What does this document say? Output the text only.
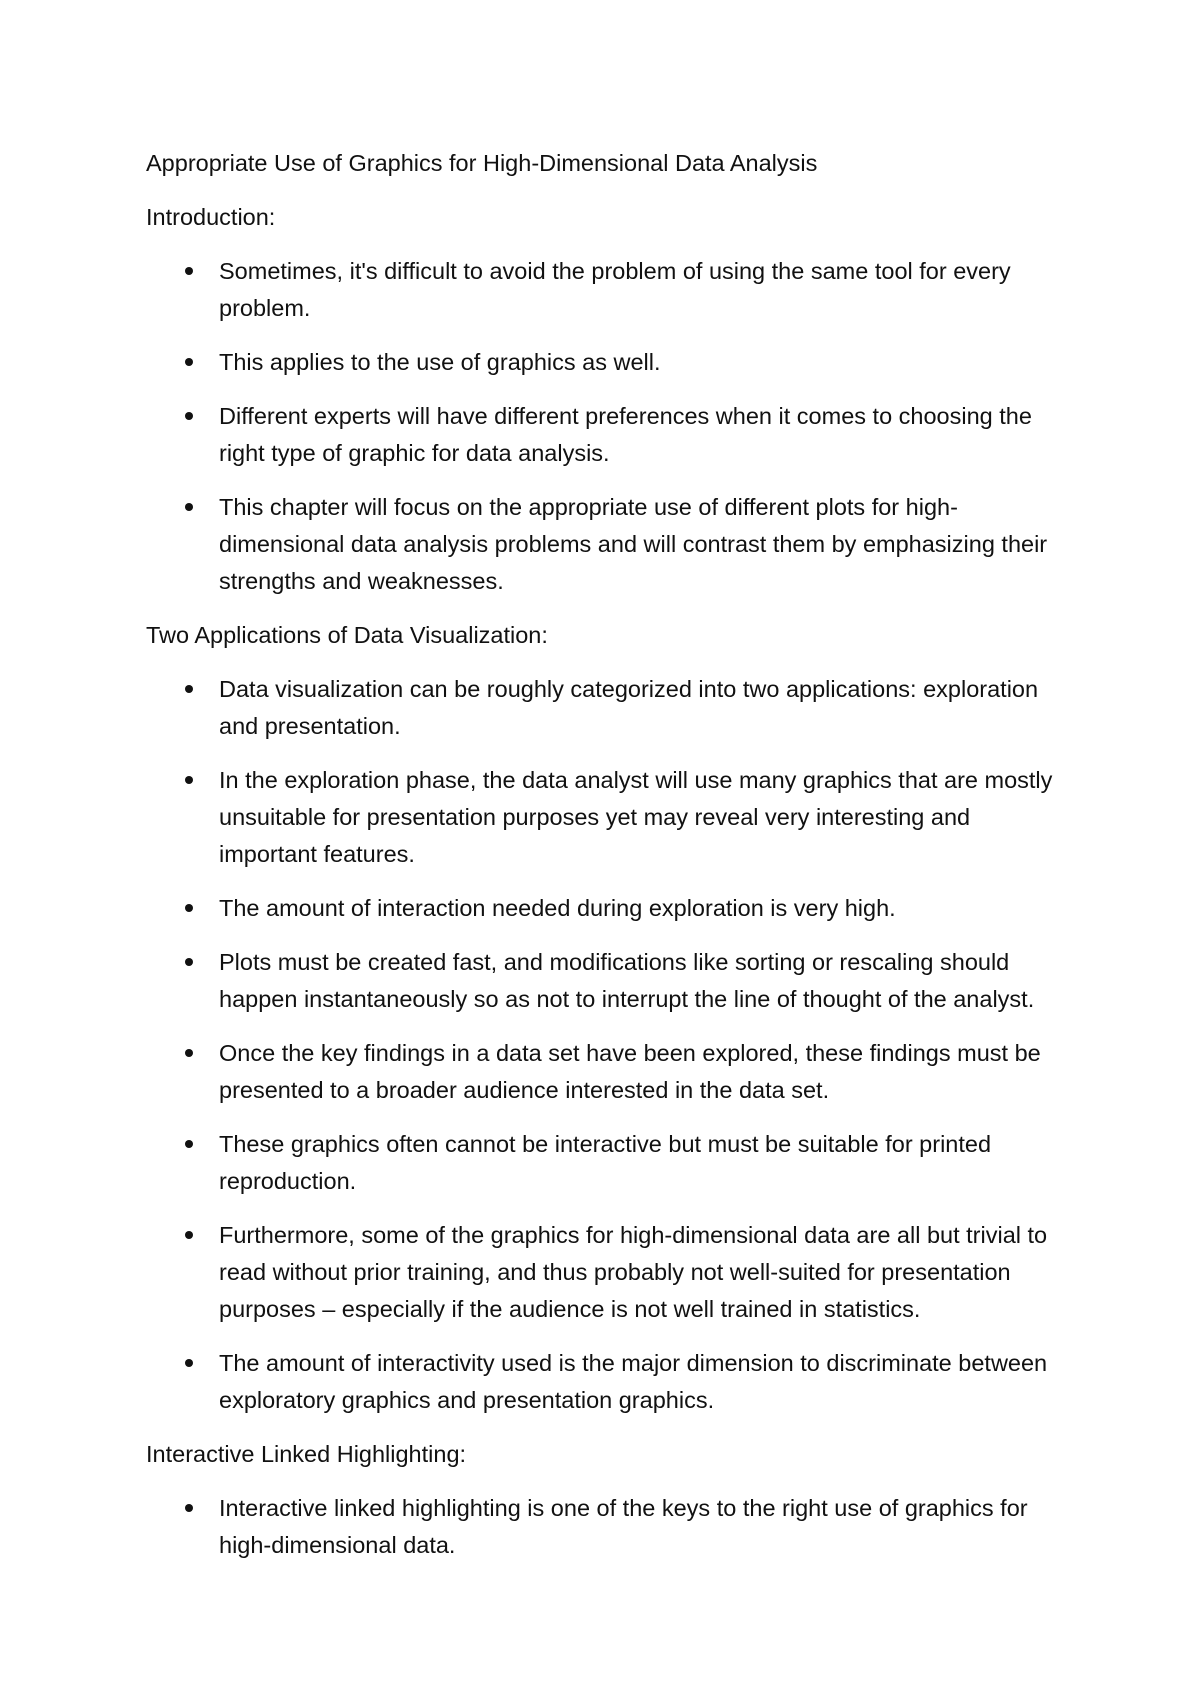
Appropriate Use of Graphics for High-Dimensional Data Analysis

Introduction:

Sometimes, it's difficult to avoid the problem of using the same tool for every problem.
This applies to the use of graphics as well.
Different experts will have different preferences when it comes to choosing the right type of graphic for data analysis.
This chapter will focus on the appropriate use of different plots for high-dimensional data analysis problems and will contrast them by emphasizing their strengths and weaknesses.

Two Applications of Data Visualization:

Data visualization can be roughly categorized into two applications: exploration and presentation.
In the exploration phase, the data analyst will use many graphics that are mostly unsuitable for presentation purposes yet may reveal very interesting and important features.
The amount of interaction needed during exploration is very high.
Plots must be created fast, and modifications like sorting or rescaling should happen instantaneously so as not to interrupt the line of thought of the analyst.
Once the key findings in a data set have been explored, these findings must be presented to a broader audience interested in the data set.
These graphics often cannot be interactive but must be suitable for printed reproduction.
Furthermore, some of the graphics for high-dimensional data are all but trivial to read without prior training, and thus probably not well-suited for presentation purposes – especially if the audience is not well trained in statistics.
The amount of interactivity used is the major dimension to discriminate between exploratory graphics and presentation graphics.

Interactive Linked Highlighting:

Interactive linked highlighting is one of the keys to the right use of graphics for high-dimensional data.
